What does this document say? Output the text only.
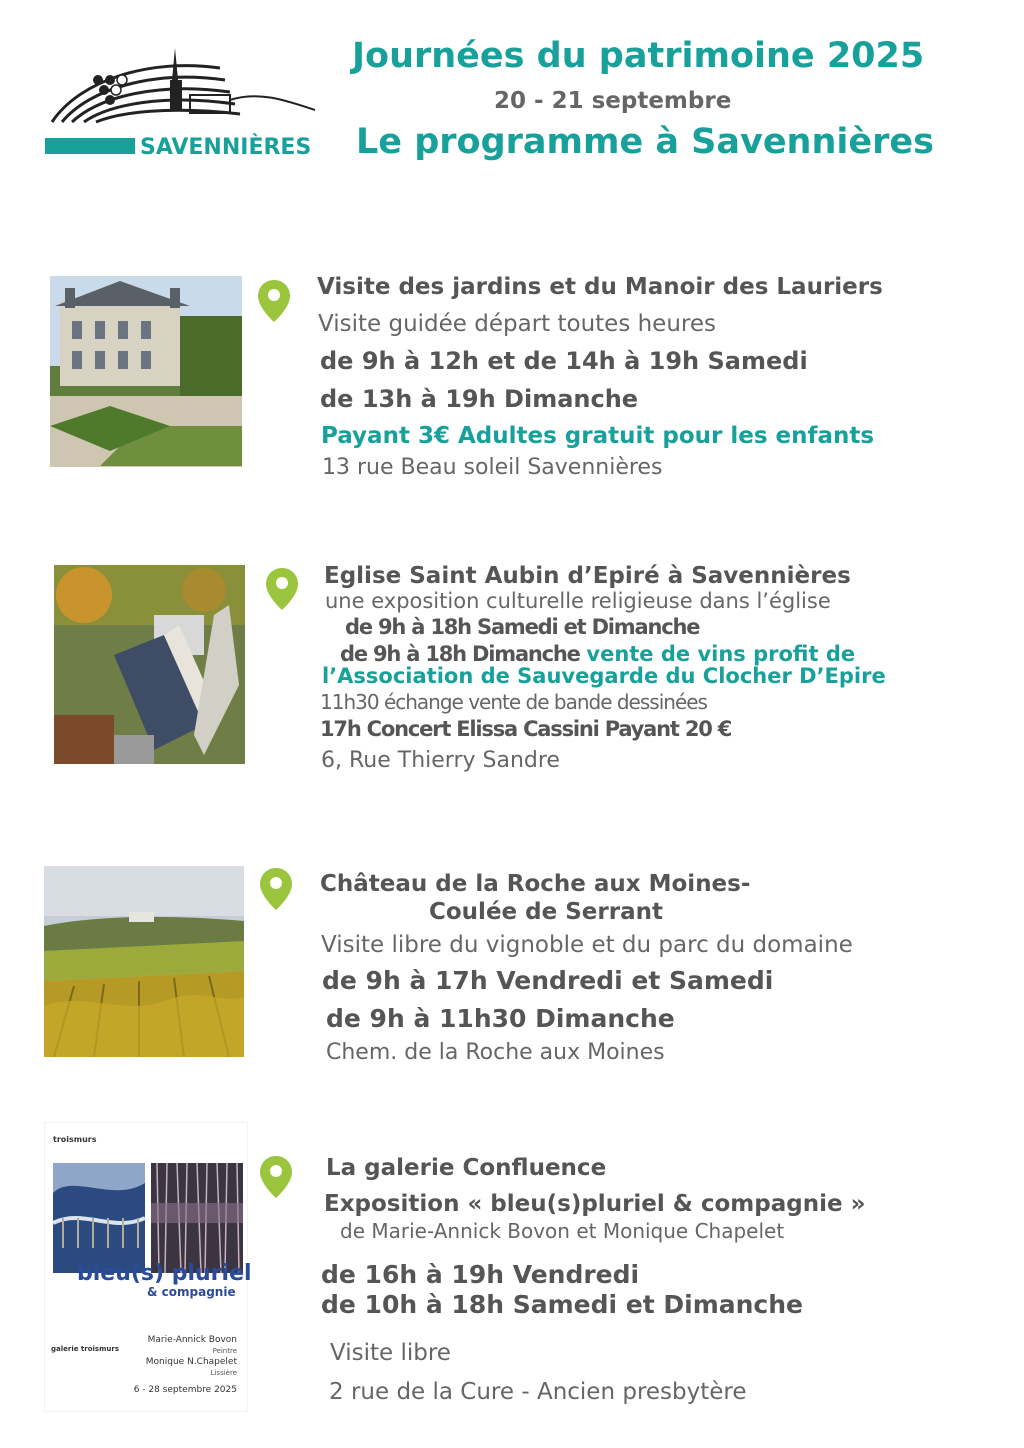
SAVENNIÈRES
Journées du patrimoine 2025
20 - 21 septembre
Le programme à Savennières
Visite des jardins et du Manoir des Lauriers
Visite guidée départ toutes heures
de 9h à 12h et de 14h à 19h Samedi
de 13h à 19h Dimanche
Payant 3€ Adultes gratuit pour les enfants
13 rue Beau soleil Savennières
Eglise Saint Aubin d’Epiré à Savennières
une exposition culturelle religieuse dans l’église
de 9h à 18h Samedi et Dimanche
de 9h à 18h Dimanche vente de vins profit de
l’Association de Sauvegarde du Clocher D’Epire
11h30 échange vente de bande dessinées
17h Concert Elissa Cassini Payant 20 €
6, Rue Thierry Sandre
Château de la Roche aux Moines-
Coulée de Serrant
Visite libre du vignoble et du parc du domaine
de 9h à 17h Vendredi et Samedi
de 9h à 11h30 Dimanche
Chem. de la Roche aux Moines
troismurs
bleu(s) pluriel
& compagnie
Marie-Annick Bovon
Peintre
Monique N.Chapelet
Lissière
galerie troismurs
6 - 28 septembre 2025
La galerie Confluence
Exposition « bleu(s)pluriel & compagnie »
de Marie-Annick Bovon et Monique Chapelet
de 16h à 19h Vendredi
de 10h à 18h Samedi et Dimanche
Visite libre
2 rue de la Cure - Ancien presbytère
